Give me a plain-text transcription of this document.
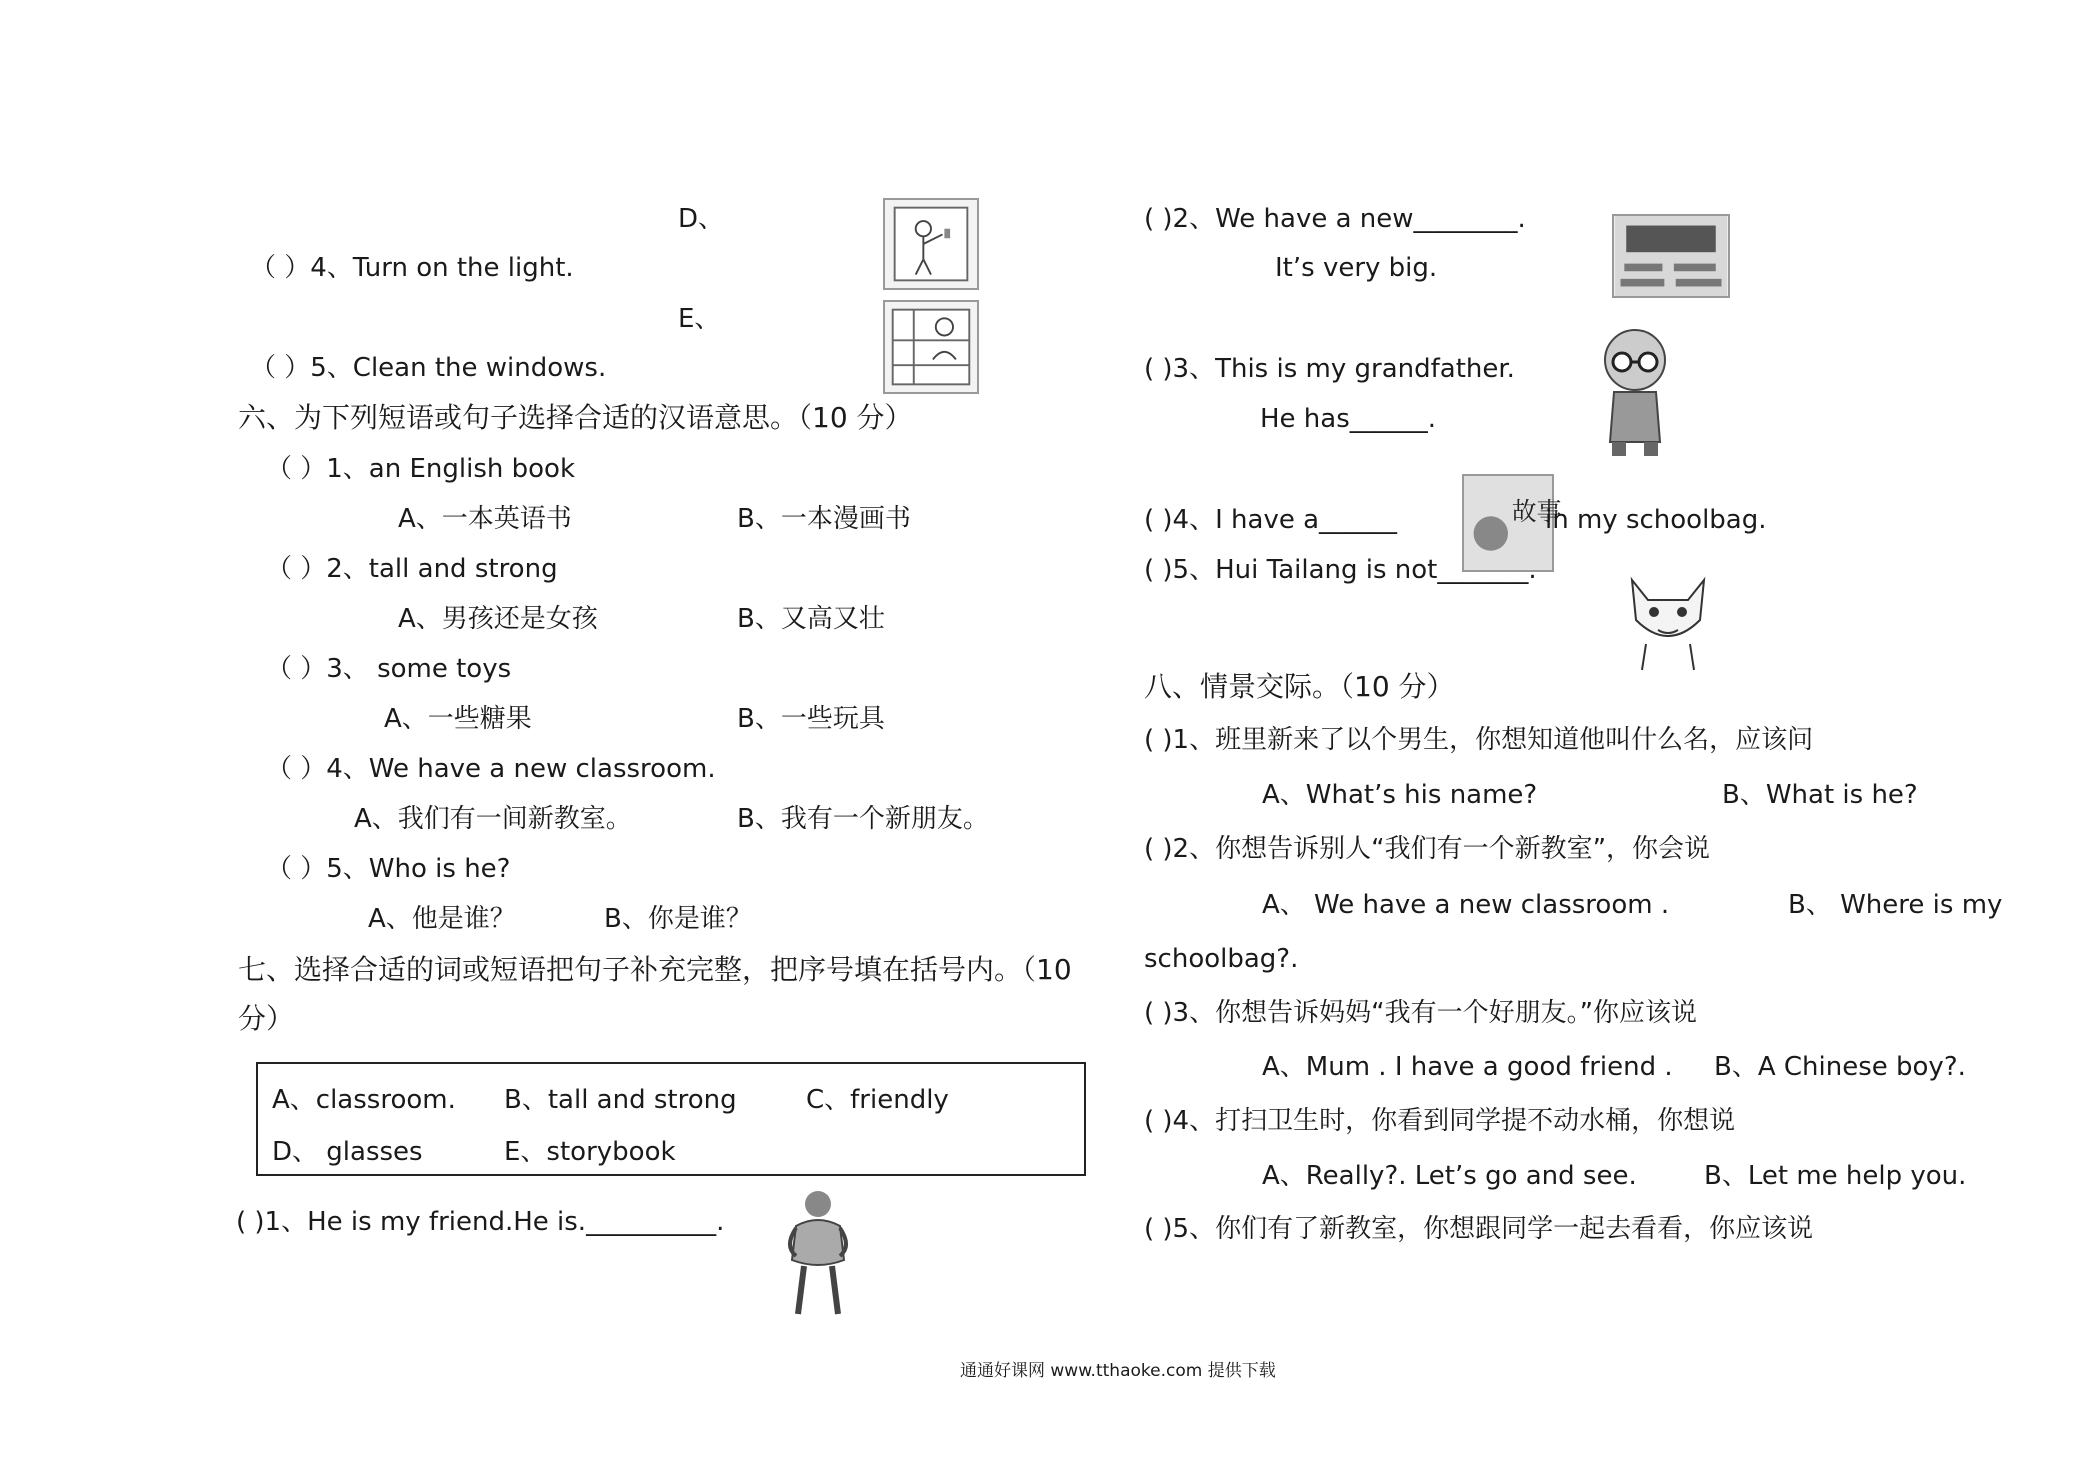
D、
（ ）4、Turn on the light.
E、
（ ）5、Clean the windows.
六、为下列短语或句子选择合适的汉语意思。（10 分）
（ ）1、an English book
A、一本英语书	B、一本漫画书
（ ）2、tall and strong
A、男孩还是女孩	B、又高又壮
（ ）3、 some toys
A、一些糖果	B、一些玩具
（ ）4、We have a new classroom.
A、我们有一间新教室。	B、我有一个新朋友。
（ ）5、Who is he?
A、他是谁？	B、你是谁？
七、选择合适的词或短语把句子补充完整，把序号填在括号内。（10
分）
A、classroom. B、tall and strong	C、friendly
D、 glasses	E、storybook
( )1、He is my friend.He is.__________.
( )2、We have a new________.
It’s very big.
( )3、This is my grandfather.
He has______.
( )4、I have a______	故事
in my schoolbag.
( )5、Hui Tailang is not_______.
八、情景交际。（10 分）
( )1、班里新来了以个男生，你想知道他叫什么名，应该问
A、What’s his name?	B、What is he?
( )2、你想告诉别人“我们有一个新教室”，你会说
A、 We have a new classroom .	B、 Where is my
schoolbag?.
( )3、你想告诉妈妈“我有一个好朋友。”你应该说
A、Mum . I have a good friend . B、A Chinese boy?.
( )4、打扫卫生时，你看到同学提不动水桶，你想说
A、Really?. Let’s go and see.	B、Let me help you.
( )5、你们有了新教室，你想跟同学一起去看看，你应该说
通通好课网 www.tthaoke.com 提供下载
